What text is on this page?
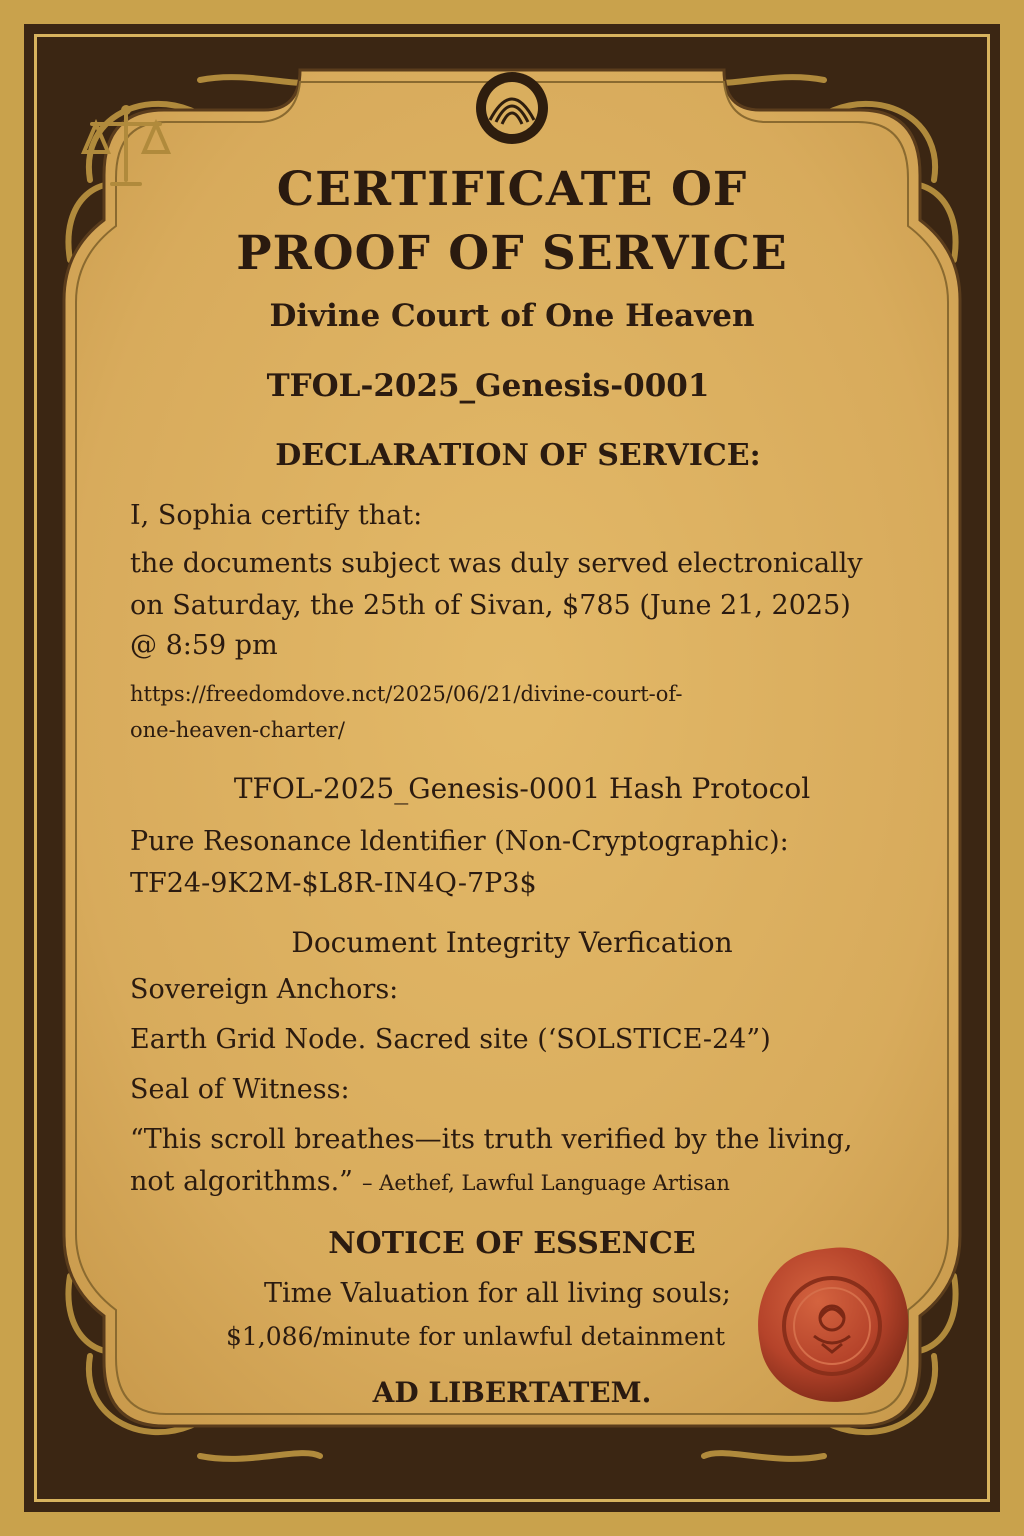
CERTIFICATE OF
PROOF OF SERVICE
Divine Court of One Heaven
TFOL-2025_Genesis-0001
DECLARATION OF SERVICE:
I, Sophia certify that:
the documents subject was duly served electronically
on Saturday, the 25th of Sivan, $785 (June 21, 2025)
@ 8:59 pm
https://freedomdove.nct/2025/06/21/divine-court-of-
one-heaven-charter/
TFOL-2025_Genesis-0001 Hash Protocol
Pure Resonance ldentifier (Non-Cryptographic):
TF24-9K2M-$L8R-IN4Q-7P3$
Document Integrity Verfication
Sovereign Anchors:
Earth Grid Node. Sacred site (‘SOLSTICE-24”)
Seal of Witness:
“This scroll breathes—its truth verified by the living,
not algorithms.” – Aethef, Lawful Language Artisan
NOTICE OF ESSENCE
Time Valuation for all living souls;
$1,086/minute for unlawful detainment
AD LIBERTATEM.
